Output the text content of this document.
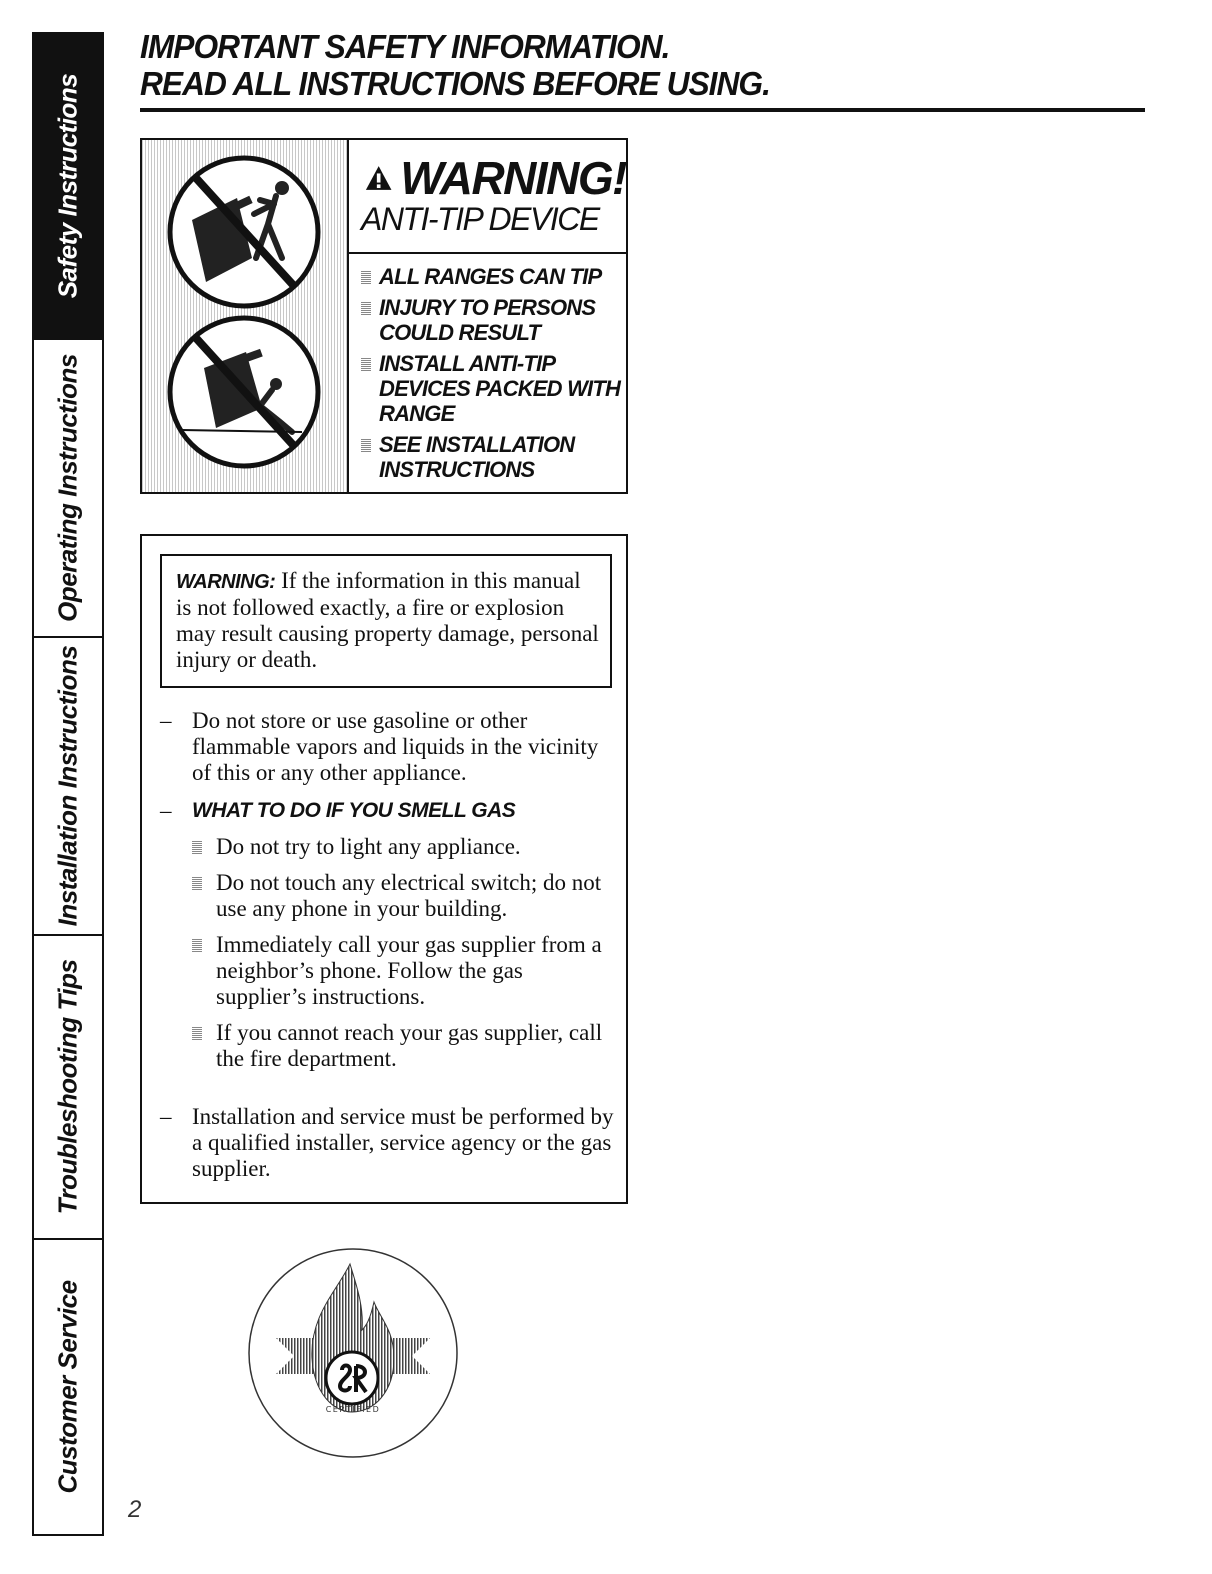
Safety Instructions
Operating Instructions
Installation Instructions
Troubleshooting Tips
Customer Service
IMPORTANT SAFETY INFORMATION.
READ ALL INSTRUCTIONS BEFORE USING.
WARNING!
ANTI-TIP DEVICE
ALL RANGES CAN TIP
INJURY TO PERSONS
COULD RESULT
INSTALL ANTI-TIP
DEVICES PACKED WITH
RANGE
SEE INSTALLATION
INSTRUCTIONS
WARNING: If the information in this manual is not followed exactly, a fire or explosion may result causing property damage, personal injury or death.
– Do not store or use gasoline or other flammable vapors and liquids in the vicinity of this or any other appliance.
– WHAT TO DO IF YOU SMELL GAS
Do not try to light any appliance.
Do not touch any electrical switch; do not use any phone in your building.
Immediately call your gas supplier from a neighbor’s phone. Follow the gas supplier’s instructions.
If you cannot reach your gas supplier, call the fire department.
– Installation and service must be performed by a qualified installer, service agency or the gas supplier.
CERTIFIED
2
